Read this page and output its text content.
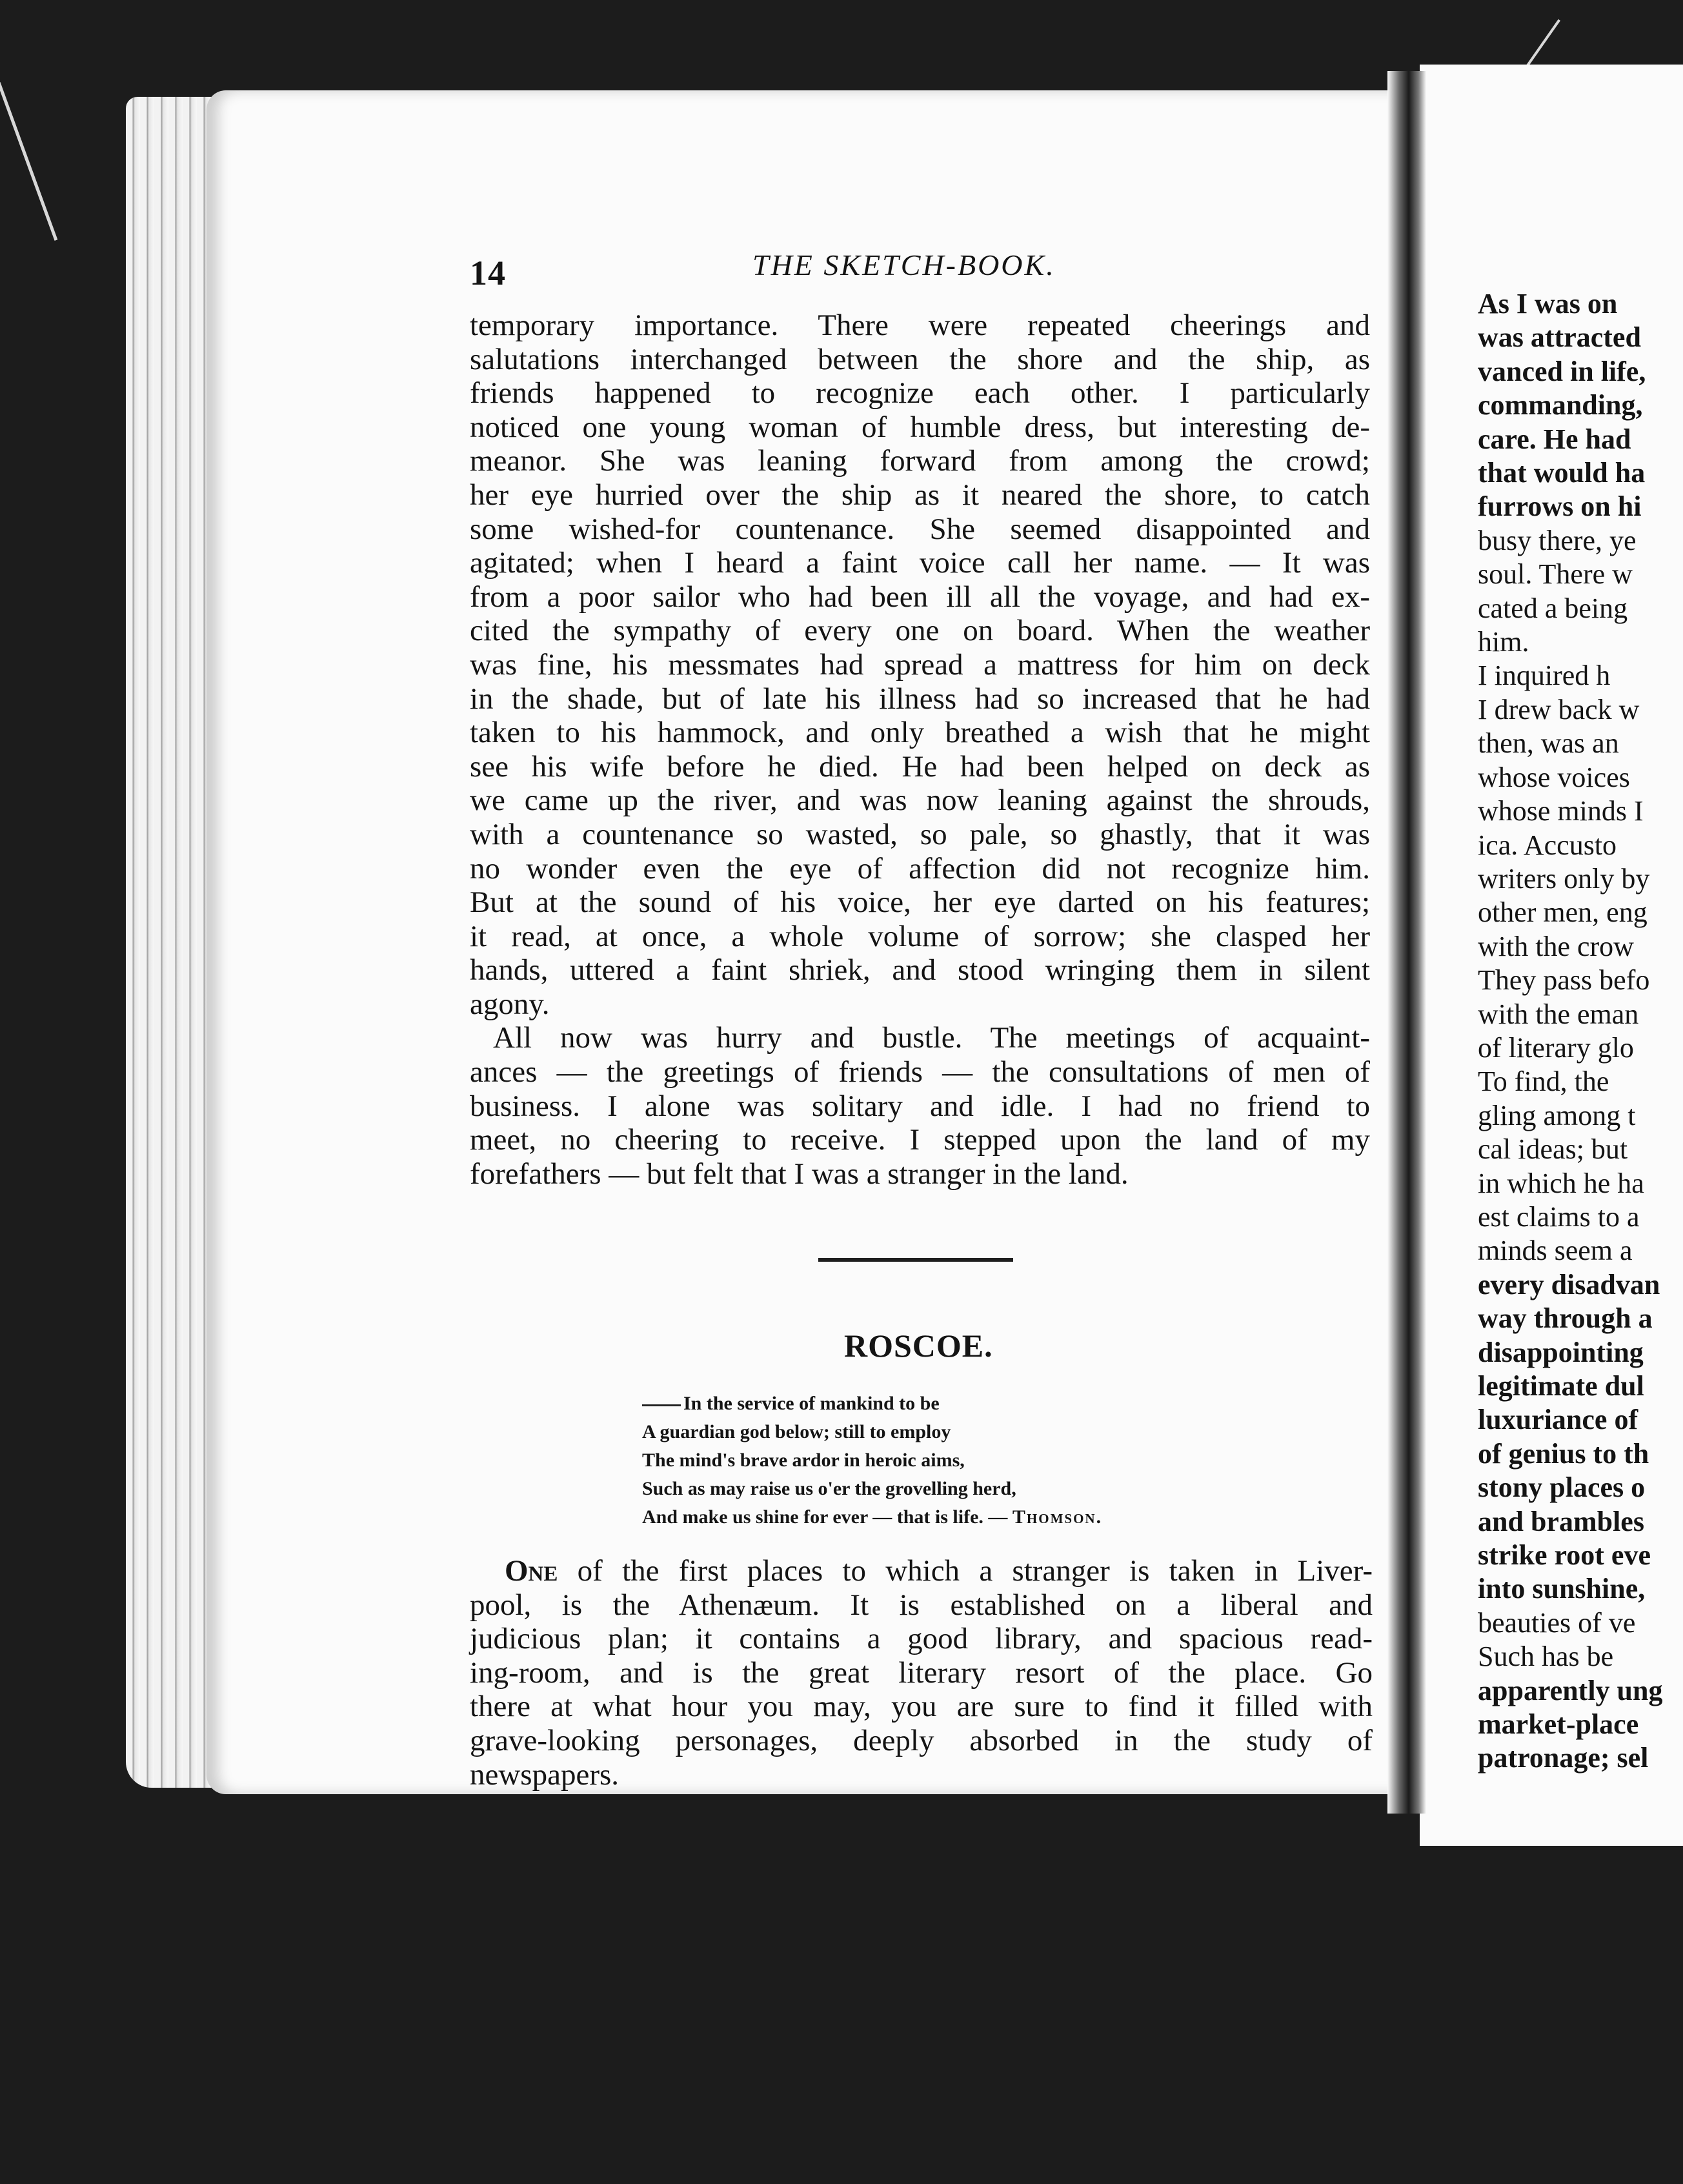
14	THE SKETCH-BOOK.
temporary importance. There were repeated cheerings and
salutations interchanged between the shore and the ship, as
friends happened to recognize each other. I particularly
noticed one young woman of humble dress, but interesting de-
meanor. She was leaning forward from among the crowd;
her eye hurried over the ship as it neared the shore, to catch
some wished-for countenance. She seemed disappointed and
agitated; when I heard a faint voice call her name. — It was
from a poor sailor who had been ill all the voyage, and had ex-
cited the sympathy of every one on board. When the weather
was fine, his messmates had spread a mattress for him on deck
in the shade, but of late his illness had so increased that he had
taken to his hammock, and only breathed a wish that he might
see his wife before he died. He had been helped on deck as
we came up the river, and was now leaning against the shrouds,
with a countenance so wasted, so pale, so ghastly, that it was
no wonder even the eye of affection did not recognize him.
But at the sound of his voice, her eye darted on his features;
it read, at once, a whole volume of sorrow; she clasped her
hands, uttered a faint shriek, and stood wringing them in silent
agony.
All now was hurry and bustle. The meetings of acquaint-
ances — the greetings of friends — the consultations of men of
business. I alone was solitary and idle. I had no friend to
meet, no cheering to receive. I stepped upon the land of my
forefathers — but felt that I was a stranger in the land.
ROSCOE.
In the service of mankind to be
A guardian god below; still to employ
The mind's brave ardor in heroic aims,
Such as may raise us o'er the grovelling herd,
And make us shine for ever — that is life. — Thomson.
One of the first places to which a stranger is taken in Liver-
pool, is the Athenæum. It is established on a liberal and
judicious plan; it contains a good library, and spacious read-
ing-room, and is the great literary resort of the place. Go
there at what hour you may, you are sure to find it filled with
grave-looking personages, deeply absorbed in the study of
newspapers.
As I was on
was attracted
vanced in life,
commanding,
care. He had
that would ha
furrows on hi
busy there, ye
soul. There w
cated a being
him.
I inquired h
I drew back w
then, was an
whose voices
whose minds I
ica. Accusto
writers only by
other men, eng
with the crow
They pass befo
with the eman
of literary glo
To find, the
gling among t
cal ideas; but
in which he ha
est claims to a
minds seem a
every disadvan
way through a
disappointing
legitimate dul
luxuriance of
of genius to th
stony places o
and brambles
strike root eve
into sunshine,
beauties of ve
Such has be
apparently ung
market-place
patronage; sel
